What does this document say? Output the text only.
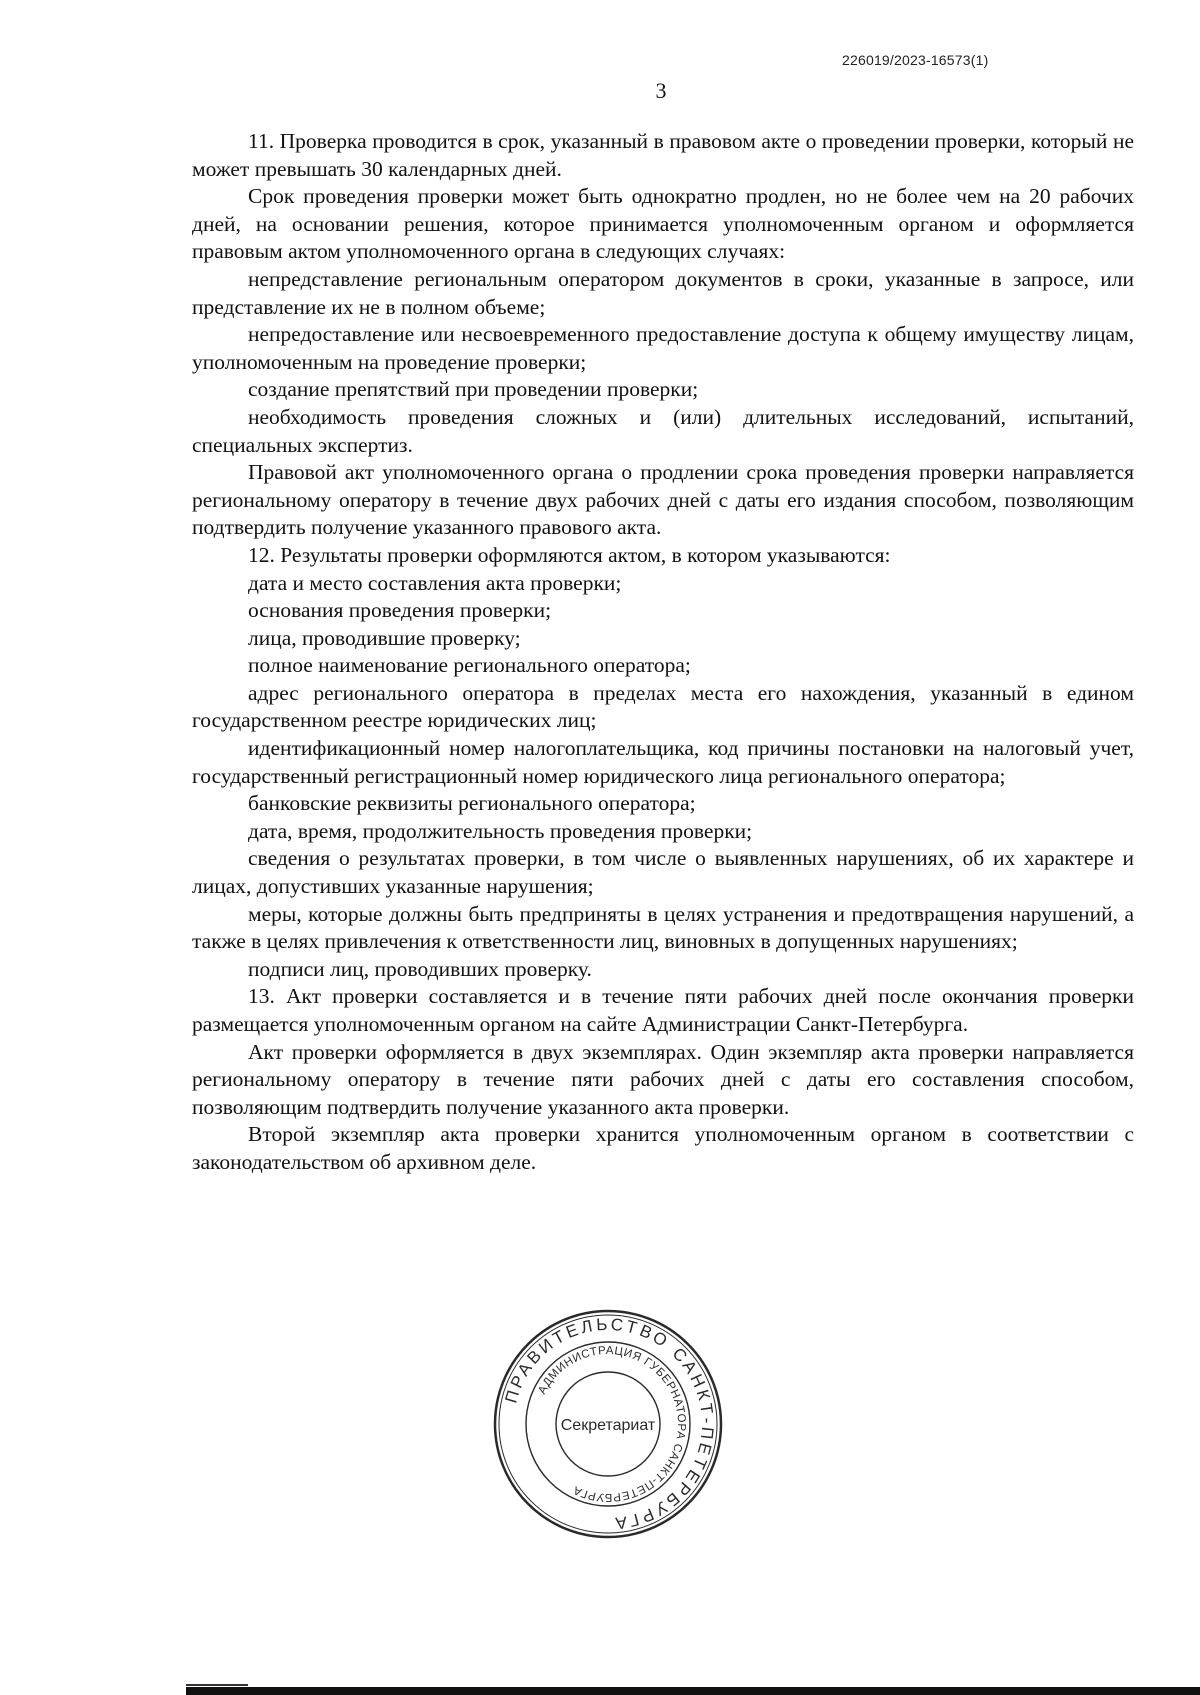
226019/2023-16573(1)
3

11. Проверка проводится в срок, указанный в правовом акте о проведении проверки, который не может превышать 30 календарных дней.

Срок проведения проверки может быть однократно продлен, но не более чем на 20 рабочих дней, на основании решения, которое принимается уполномоченным органом и оформляется правовым актом уполномоченного органа в следующих случаях:

непредставление региональным оператором документов в сроки, указанные в запросе, или представление их не в полном объеме;

непредоставление или несвоевременного предоставление доступа к общему имуществу лицам, уполномоченным на проведение проверки;

создание препятствий при проведении проверки;

необходимость проведения сложных и (или) длительных исследований, испытаний, специальных экспертиз.

Правовой акт уполномоченного органа о продлении срока проведения проверки направляется региональному оператору в течение двух рабочих дней с даты его издания способом, позволяющим подтвердить получение указанного правового акта.

12. Результаты проверки оформляются актом, в котором указываются:

дата и место составления акта проверки;

основания проведения проверки;

лица, проводившие проверку;

полное наименование регионального оператора;

адрес регионального оператора в пределах места его нахождения, указанный в едином государственном реестре юридических лиц;

идентификационный номер налогоплательщика, код причины постановки на налоговый учет, государственный регистрационный номер юридического лица регионального оператора;

банковские реквизиты регионального оператора;

дата, время, продолжительность проведения проверки;

сведения о результатах проверки, в том числе о выявленных нарушениях, об их характере и лицах, допустивших указанные нарушения;

меры, которые должны быть предприняты в целях устранения и предотвращения нарушений, а также в целях привлечения к ответственности лиц, виновных в допущенных нарушениях;

подписи лиц, проводивших проверку.

13. Акт проверки составляется и в течение пяти рабочих дней после окончания проверки размещается уполномоченным органом на сайте Администрации Санкт-Петербурга.

Акт проверки оформляется в двух экземплярах. Один экземпляр акта проверки направляется региональному оператору в течение пяти рабочих дней с даты его составления способом, позволяющим подтвердить получение указанного акта проверки.

Второй экземпляр акта проверки хранится уполномоченным органом в соответствии с законодательством об архивном деле.

ПРАВИТЕЛЬСТВО САНКТ-ПЕТЕРБУРГА
АДМИНИСТРАЦИЯ ГУБЕРНАТОРА САНКТ-ПЕТЕРБУРГА
Секретариат
